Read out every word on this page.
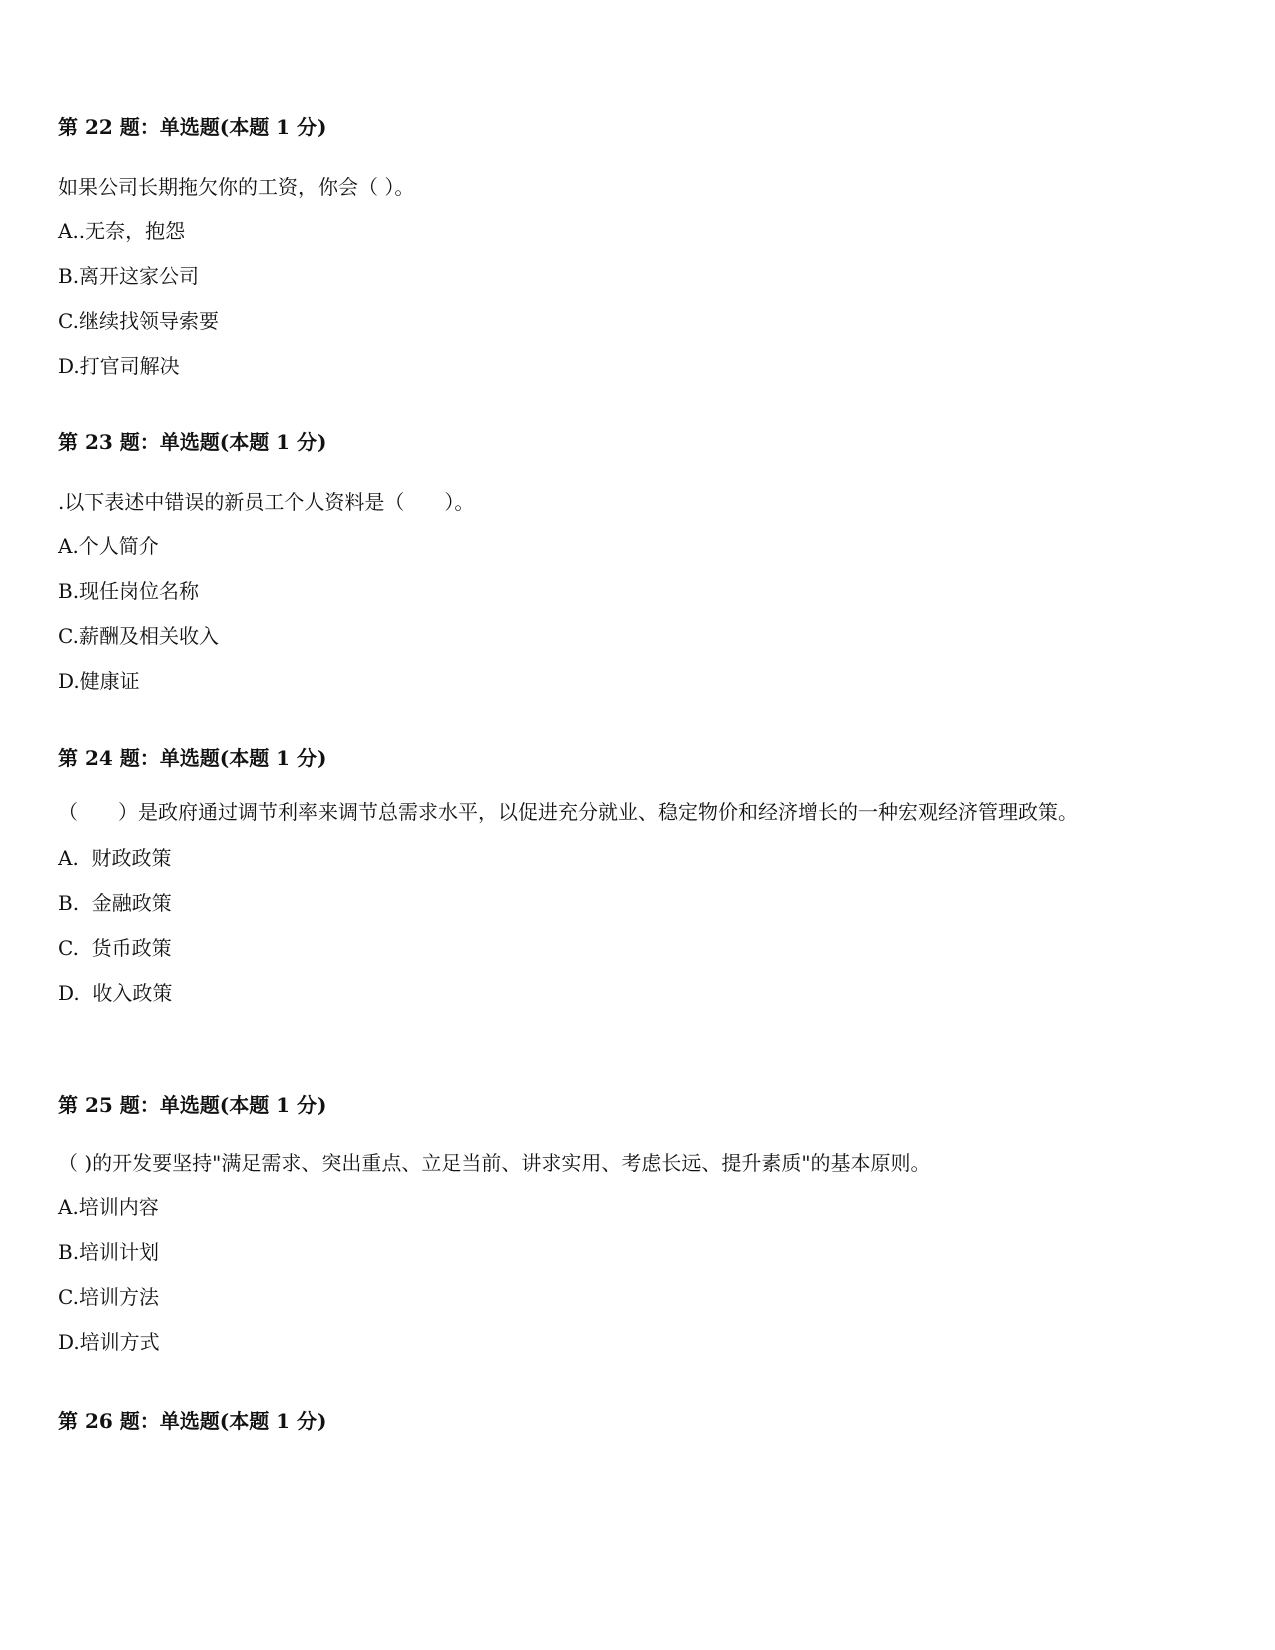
第 22 题：单选题(本题 1 分)
如果公司长期拖欠你的工资，你会（ ）。
A..无奈，抱怨
B.离开这家公司
C.继续找领导索要
D.打官司解决
第 23 题：单选题(本题 1 分)
.以下表述中错误的新员工个人资料是（　　）。
A.个人简介
B.现任岗位名称
C.薪酬及相关收入
D.健康证
第 24 题：单选题(本题 1 分)
（　　）是政府通过调节利率来调节总需求水平，以促进充分就业、稳定物价和经济增长的一种宏观经济管理政策。
A.  财政政策
B.  金融政策
C.  货币政策
D.  收入政策
第 25 题：单选题(本题 1 分)
（ )的开发要坚持"满足需求、突出重点、立足当前、讲求实用、考虑长远、提升素质"的基本原则。
A.培训内容
B.培训计划
C.培训方法
D.培训方式
第 26 题：单选题(本题 1 分)
